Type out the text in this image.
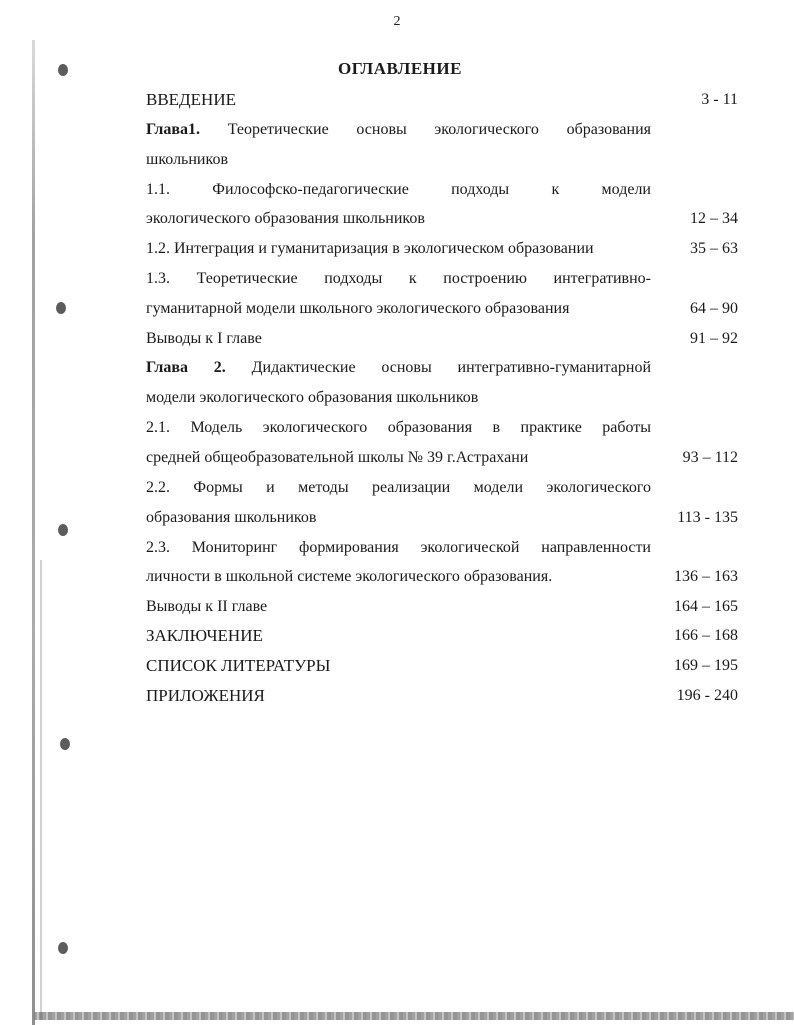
2
ОГЛАВЛЕНИЕ
ВВЕДЕНИЕ	3 - 11
Глава1. Теоретические основы экологического образования
школьников
1.1. Философско-педагогические подходы к модели
экологического образования школьников	12 – 34
1.2. Интеграция и гуманитаризация в экологическом образовании	35 – 63
1.3. Теоретические подходы к построению интегративно-
гуманитарной модели школьного экологического образования	64 – 90
Выводы к I главе	91 – 92
Глава 2. Дидактические основы интегративно-гуманитарной
модели экологического образования школьников
2.1. Модель экологического образования в практике работы
средней общеобразовательной школы № 39 г.Астрахани	93 – 112
2.2. Формы и методы реализации модели экологического
образования школьников	113 - 135
2.3. Мониторинг формирования экологической направленности
личности в школьной системе экологического образования.	136 – 163
Выводы к II главе	164 – 165
ЗАКЛЮЧЕНИЕ	166 – 168
СПИСОК ЛИТЕРАТУРЫ	169 – 195
ПРИЛОЖЕНИЯ	196 - 240
